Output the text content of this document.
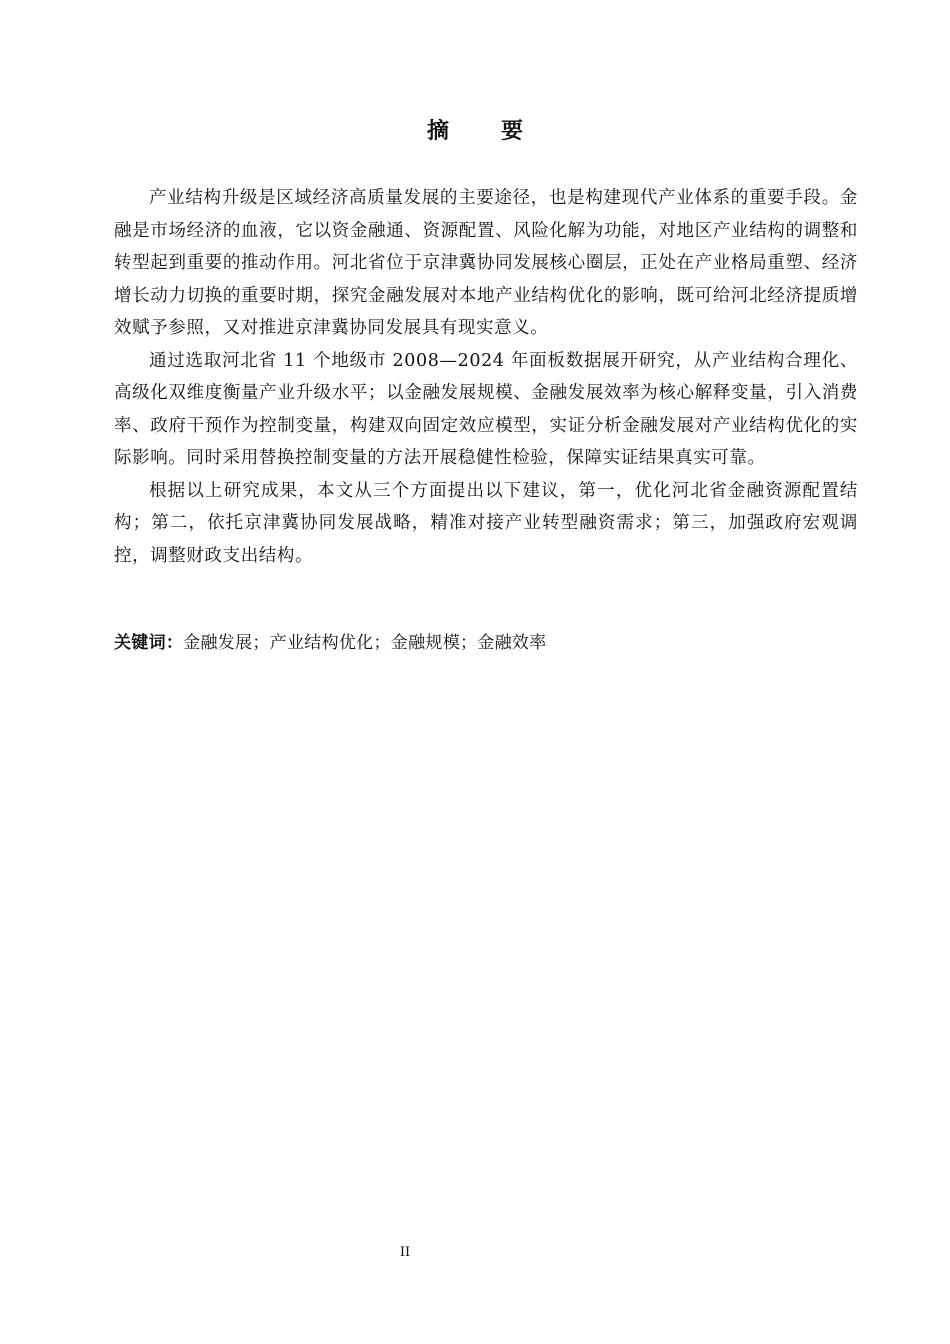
摘要

产业结构升级是区域经济高质量发展的主要途径，也是构建现代产业体系的重要手段。金融是市场经济的血液，它以资金融通、资源配置、风险化解为功能，对地区产业结构的调整和转型起到重要的推动作用。河北省位于京津冀协同发展核心圈层，正处在产业格局重塑、经济增长动力切换的重要时期，探究金融发展对本地产业结构优化的影响，既可给河北经济提质增效赋予参照，又对推进京津冀协同发展具有现实意义。

通过选取河北省 11 个地级市 2008—2024 年面板数据展开研究，从产业结构合理化、高级化双维度衡量产业升级水平；以金融发展规模、金融发展效率为核心解释变量，引入消费率、政府干预作为控制变量，构建双向固定效应模型，实证分析金融发展对产业结构优化的实际影响。同时采用替换控制变量的方法开展稳健性检验，保障实证结果真实可靠。

根据以上研究成果，本文从三个方面提出以下建议，第一，优化河北省金融资源配置结构；第二，依托京津冀协同发展战略，精准对接产业转型融资需求；第三，加强政府宏观调控，调整财政支出结构。

关键词：金融发展；产业结构优化；金融规模；金融效率
II
